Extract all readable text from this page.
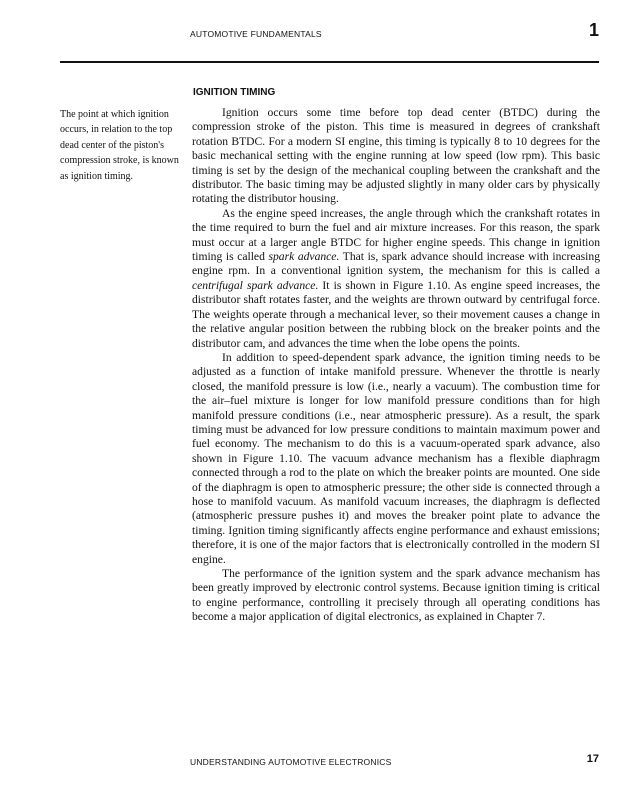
AUTOMOTIVE FUNDAMENTALS	1
IGNITION TIMING
The point at which ignition occurs, in relation to the top dead center of the piston's compression stroke, is known as ignition timing.

Ignition occurs some time before top dead center (BTDC) during the compression stroke of the piston. This time is measured in degrees of crankshaft rotation BTDC. For a modern SI engine, this timing is typically 8 to 10 degrees for the basic mechanical setting with the engine running at low speed (low rpm). This basic timing is set by the design of the mechanical coupling between the crankshaft and the distributor. The basic timing may be adjusted slightly in many older cars by physically rotating the distributor housing.

As the engine speed increases, the angle through which the crankshaft rotates in the time required to burn the fuel and air mixture increases. For this reason, the spark must occur at a larger angle BTDC for higher engine speeds. This change in ignition timing is called spark advance. That is, spark advance should increase with increasing engine rpm. In a conventional ignition system, the mechanism for this is called a centrifugal spark advance. It is shown in Figure 1.10. As engine speed increases, the distributor shaft rotates faster, and the weights are thrown outward by centrifugal force. The weights operate through a mechanical lever, so their movement causes a change in the relative angular position between the rubbing block on the breaker points and the distributor cam, and advances the time when the lobe opens the points.

In addition to speed-dependent spark advance, the ignition timing needs to be adjusted as a function of intake manifold pressure. Whenever the throttle is nearly closed, the manifold pressure is low (i.e., nearly a vacuum). The combustion time for the air–fuel mixture is longer for low manifold pressure conditions than for high manifold pressure conditions (i.e., near atmospheric pressure). As a result, the spark timing must be advanced for low pressure conditions to maintain maximum power and fuel economy. The mechanism to do this is a vacuum-operated spark advance, also shown in Figure 1.10. The vacuum advance mechanism has a flexible diaphragm connected through a rod to the plate on which the breaker points are mounted. One side of the diaphragm is open to atmospheric pressure; the other side is connected through a hose to manifold vacuum. As manifold vacuum increases, the diaphragm is deflected (atmospheric pressure pushes it) and moves the breaker point plate to advance the timing. Ignition timing significantly affects engine performance and exhaust emissions; therefore, it is one of the major factors that is electronically controlled in the modern SI engine.

The performance of the ignition system and the spark advance mechanism has been greatly improved by electronic control systems. Because ignition timing is critical to engine performance, controlling it precisely through all operating conditions has become a major application of digital electronics, as explained in Chapter 7.

UNDERSTANDING AUTOMOTIVE ELECTRONICS	17
